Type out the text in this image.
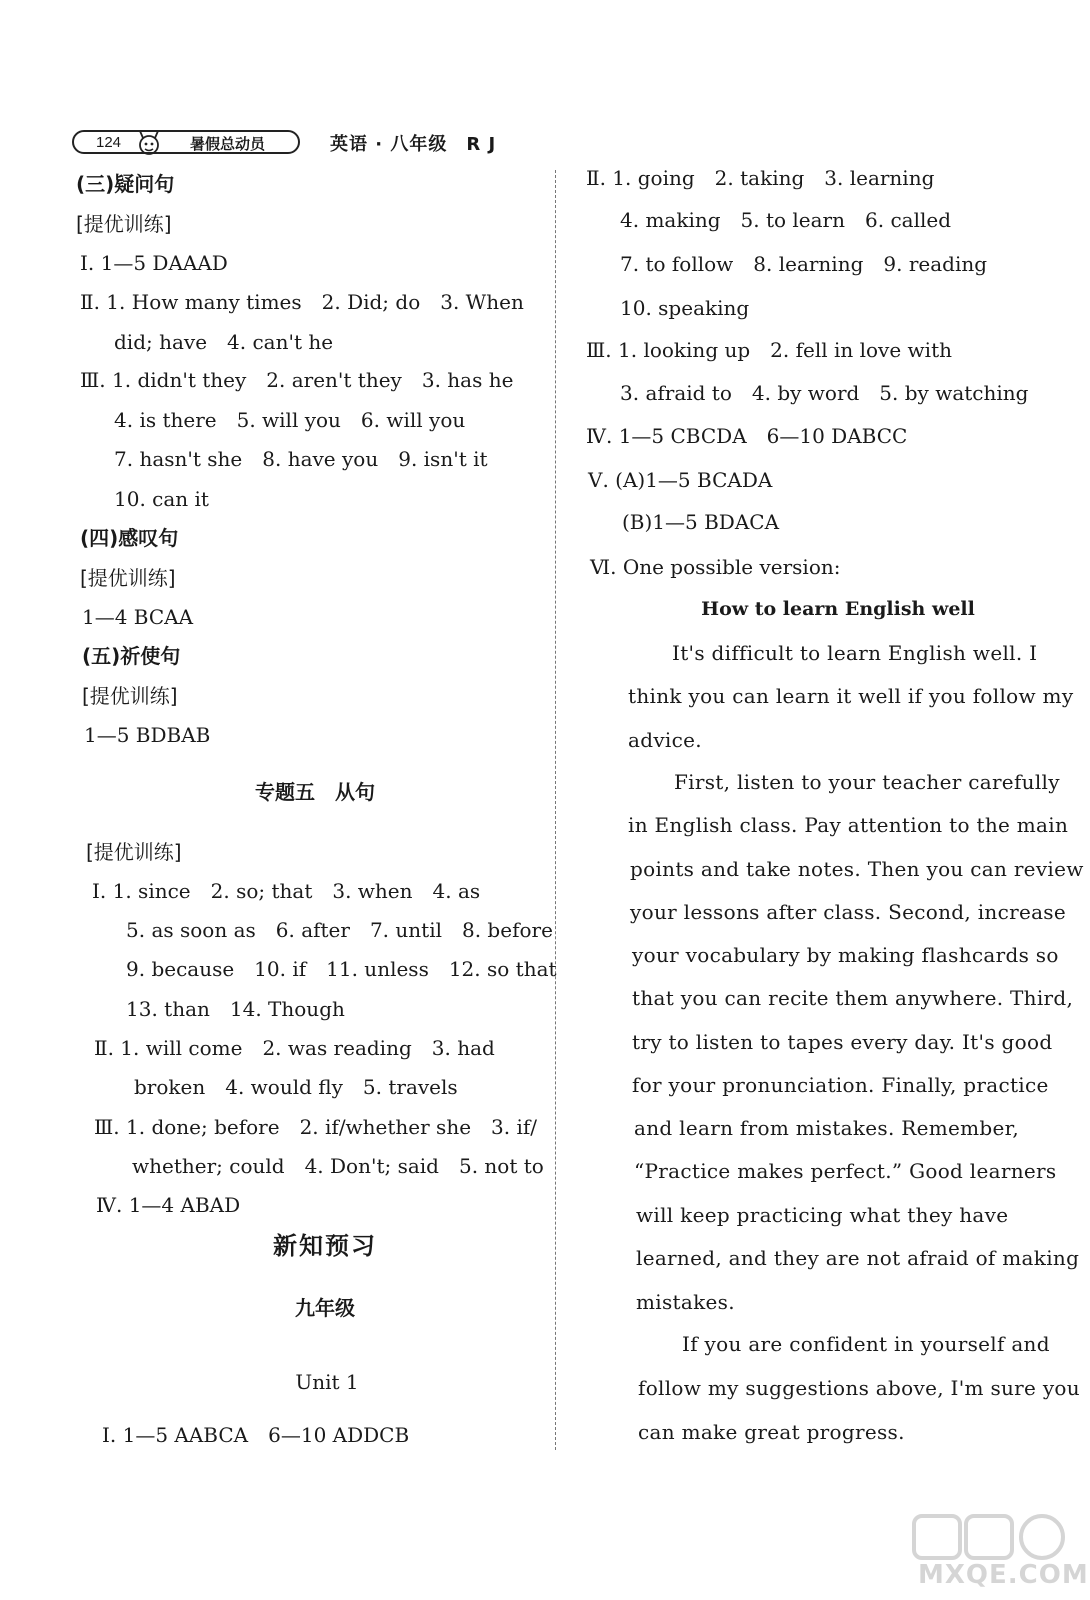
124	暑假总动员	英语 · 八年级　R J
(三)疑问句
[提优训练]
Ⅰ. 1—5 DAAAD
Ⅱ. 1. How many times　2. Did; do　3. When
did; have　4. can't he
Ⅲ. 1. didn't they　2. aren't they　3. has he
4. is there　5. will you　6. will you
7. hasn't she　8. have you　9. isn't it
10. can it
(四)感叹句
[提优训练]
1—4 BCAA
(五)祈使句
[提优训练]
1—5 BDBAB
专题五　从句
[提优训练]
Ⅰ. 1. since　2. so; that　3. when　4. as
5. as soon as　6. after　7. until　8. before
9. because　10. if　11. unless　12. so that
13. than　14. Though
Ⅱ. 1. will come　2. was reading　3. had
broken　4. would fly　5. travels
Ⅲ. 1. done; before　2. if/whether she　3. if/
whether; could　4. Don't; said　5. not to
Ⅳ. 1—4 ABAD
新知预习
九年级
Unit 1
Ⅰ. 1—5 AABCA　6—10 ADDCB
Ⅱ. 1. going　2. taking　3. learning
4. making　5. to learn　6. called
7. to follow　8. learning　9. reading
10. speaking
Ⅲ. 1. looking up　2. fell in love with
3. afraid to　4. by word　5. by watching
Ⅳ. 1—5 CBCDA　6—10 DABCC
Ⅴ. (A)1—5 BCADA
(B)1—5 BDACA
Ⅵ. One possible version:
How to learn English well
It's difficult to learn English well. I
think you can learn it well if you follow my
advice.
First, listen to your teacher carefully
in English class. Pay attention to the main
points and take notes. Then you can review
your lessons after class. Second, increase
your vocabulary by making flashcards so
that you can recite them anywhere. Third,
try to listen to tapes every day. It's good
for your pronunciation. Finally, practice
and learn from mistakes. Remember,
“Practice makes perfect.” Good learners
will keep practicing what they have
learned, and they are not afraid of making
mistakes.
If you are confident in yourself and
follow my suggestions above, I'm sure you
can make great progress.
MXQE.COM
